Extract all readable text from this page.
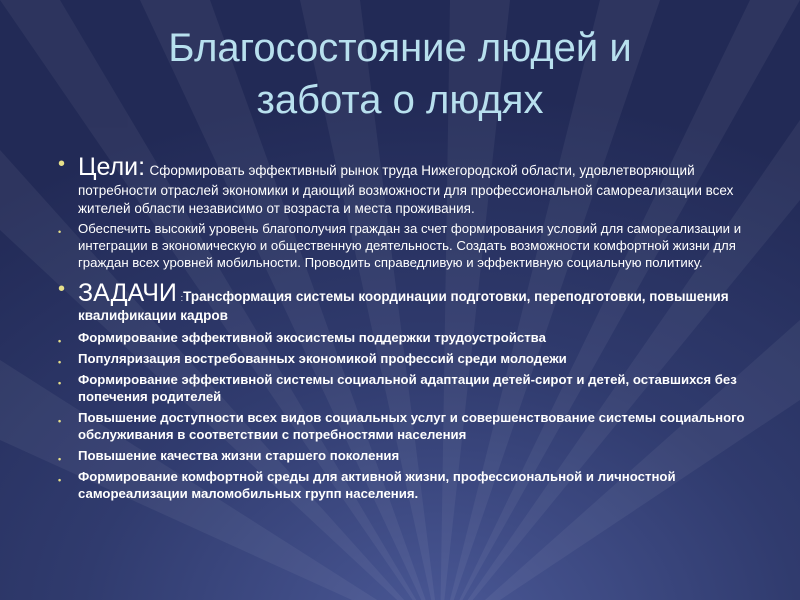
Благосостояние людей и
забота о людях
• Цели: Сформировать эффективный рынок труда Нижегородской области, удовлетворяющий потребности отраслей экономики и дающий возможности для профессиональной самореализации всех жителей области независимо от возраста и места проживания.
• Обеспечить высокий уровень благополучия граждан за счет формирования условий для самореализации и интеграции в экономическую и общественную деятельность. Создать возможности комфортной жизни для граждан всех уровней мобильности. Проводить справедливую и эффективную социальную политику.
• ЗАДАЧИ :Трансформация системы координации подготовки, переподготовки, повышения квалификации кадров
• Формирование эффективной экосистемы поддержки трудоустройства
• Популяризация востребованных экономикой профессий среди молодежи
• Формирование эффективной системы социальной адаптации детей-сирот и детей, оставшихся без попечения родителей
• Повышение доступности всех видов социальных услуг и совершенствование системы социального обслуживания в соответствии с потребностями населения
• Повышение качества жизни старшего поколения
• Формирование комфортной среды для активной жизни, профессиональной и личностной самореализации маломобильных групп населения.
